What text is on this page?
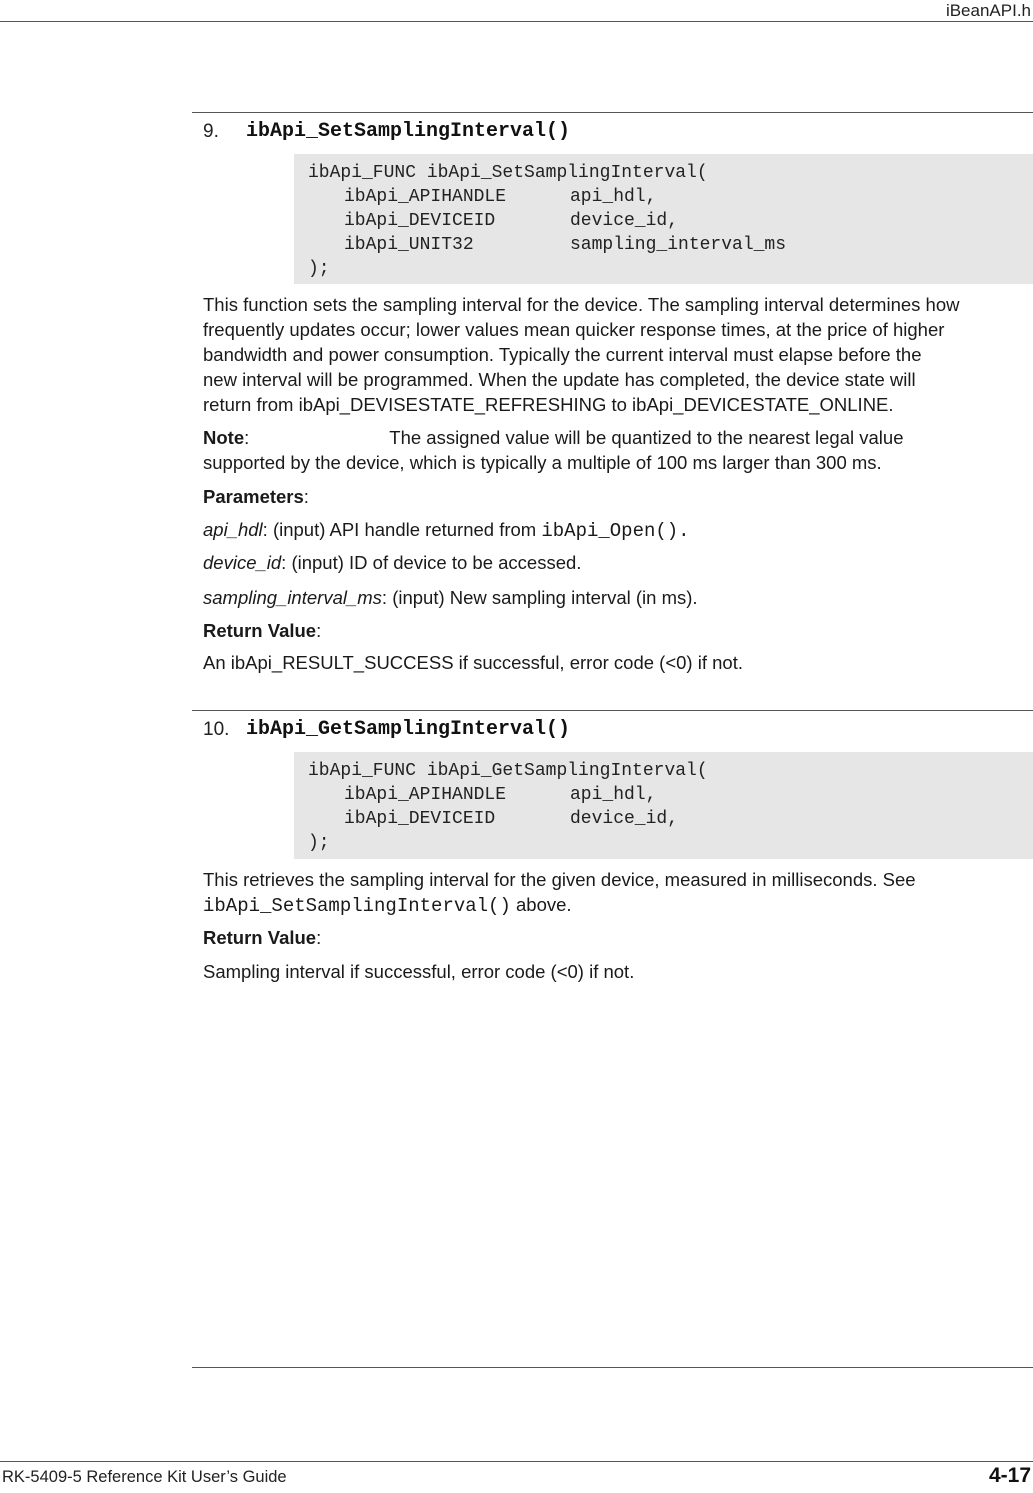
iBeanAPI.h
9. ibApi_SetSamplingInterval()
ibApi_FUNC ibApi_SetSamplingInterval(
ibApi_APIHANDLE	api_hdl,
ibApi_DEVICEID	device_id,
ibApi_UNIT32	sampling_interval_ms
);
This function sets the sampling interval for the device. The sampling interval determines how
frequently updates occur; lower values mean quicker response times, at the price of higher
bandwidth and power consumption. Typically the current interval must elapse before the
new interval will be programmed. When the update has completed, the device state will
return from ibApi_DEVISESTATE_REFRESHING to ibApi_DEVICESTATE_ONLINE.
Note:	The assigned value will be quantized to the nearest legal value
supported by the device, which is typically a multiple of 100 ms larger than 300 ms.
Parameters:
api_hdl: (input) API handle returned from ibApi_Open().
device_id: (input) ID of device to be accessed.
sampling_interval_ms: (input) New sampling interval (in ms).
Return Value:
An ibApi_RESULT_SUCCESS if successful, error code (<0) if not.
10. ibApi_GetSamplingInterval()
ibApi_FUNC ibApi_GetSamplingInterval(
ibApi_APIHANDLE	api_hdl,
ibApi_DEVICEID	device_id,
);
This retrieves the sampling interval for the given device, measured in milliseconds. See
ibApi_SetSamplingInterval() above.
Return Value:
Sampling interval if successful, error code (<0) if not.
RK-5409-5 Reference Kit User’s Guide	4-17
